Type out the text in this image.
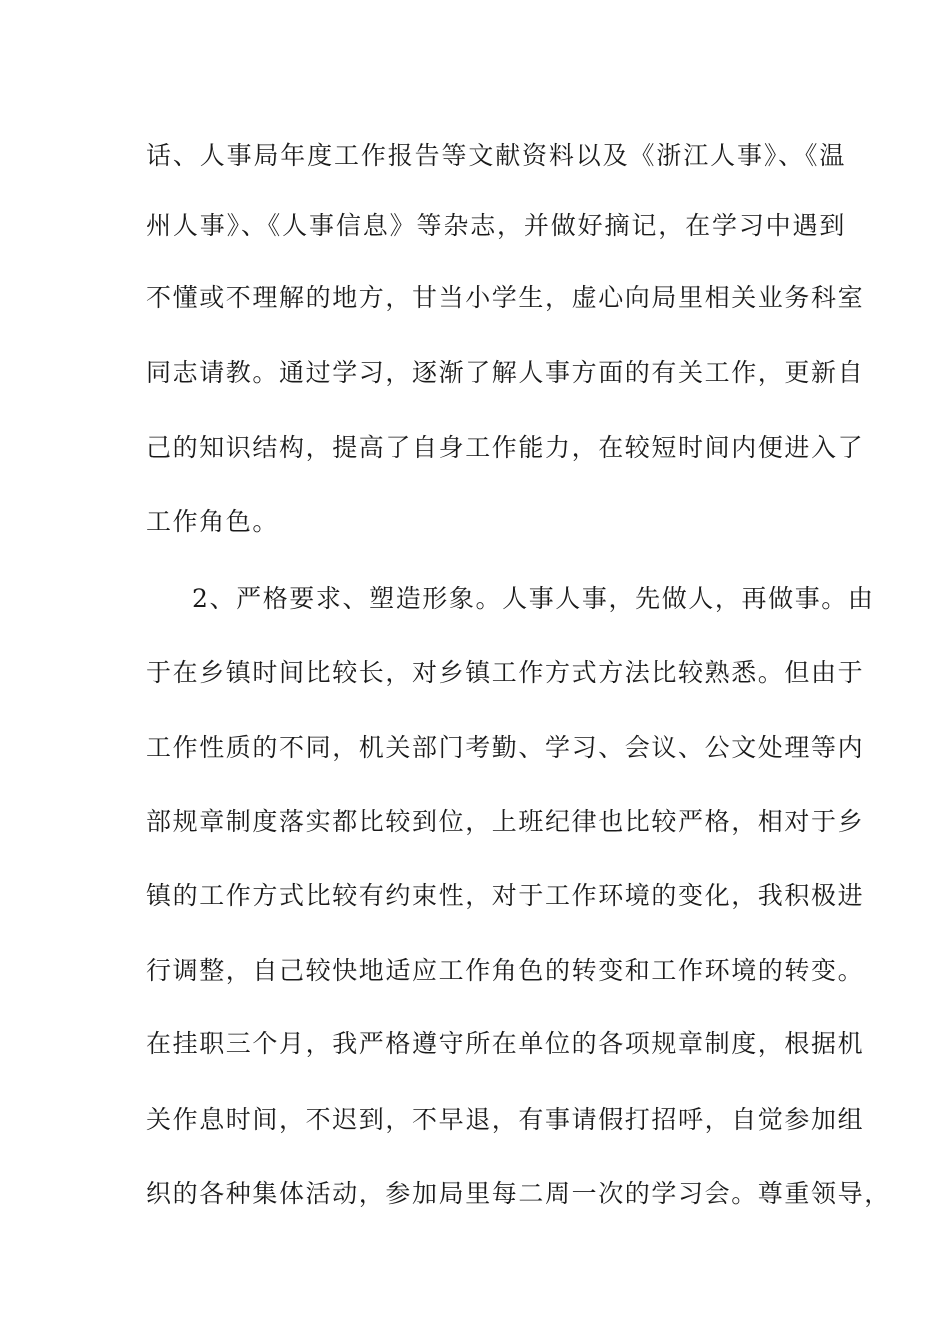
话、人事局年度工作报告等文献资料以及《浙江人事》、《温
州人事》、《人事信息》等杂志，并做好摘记，在学习中遇到
不懂或不理解的地方，甘当小学生，虚心向局里相关业务科室
同志请教。通过学习，逐渐了解人事方面的有关工作，更新自
己的知识结构，提高了自身工作能力，在较短时间内便进入了
工作角色。
2、严格要求、塑造形象。人事人事，先做人，再做事。由
于在乡镇时间比较长，对乡镇工作方式方法比较熟悉。但由于
工作性质的不同，机关部门考勤、学习、会议、公文处理等内
部规章制度落实都比较到位，上班纪律也比较严格，相对于乡
镇的工作方式比较有约束性，对于工作环境的变化，我积极进
行调整，自己较快地适应工作角色的转变和工作环境的转变。
在挂职三个月，我严格遵守所在单位的各项规章制度，根据机
关作息时间，不迟到，不早退，有事请假打招呼，自觉参加组
织的各种集体活动，参加局里每二周一次的学习会。尊重领导，
